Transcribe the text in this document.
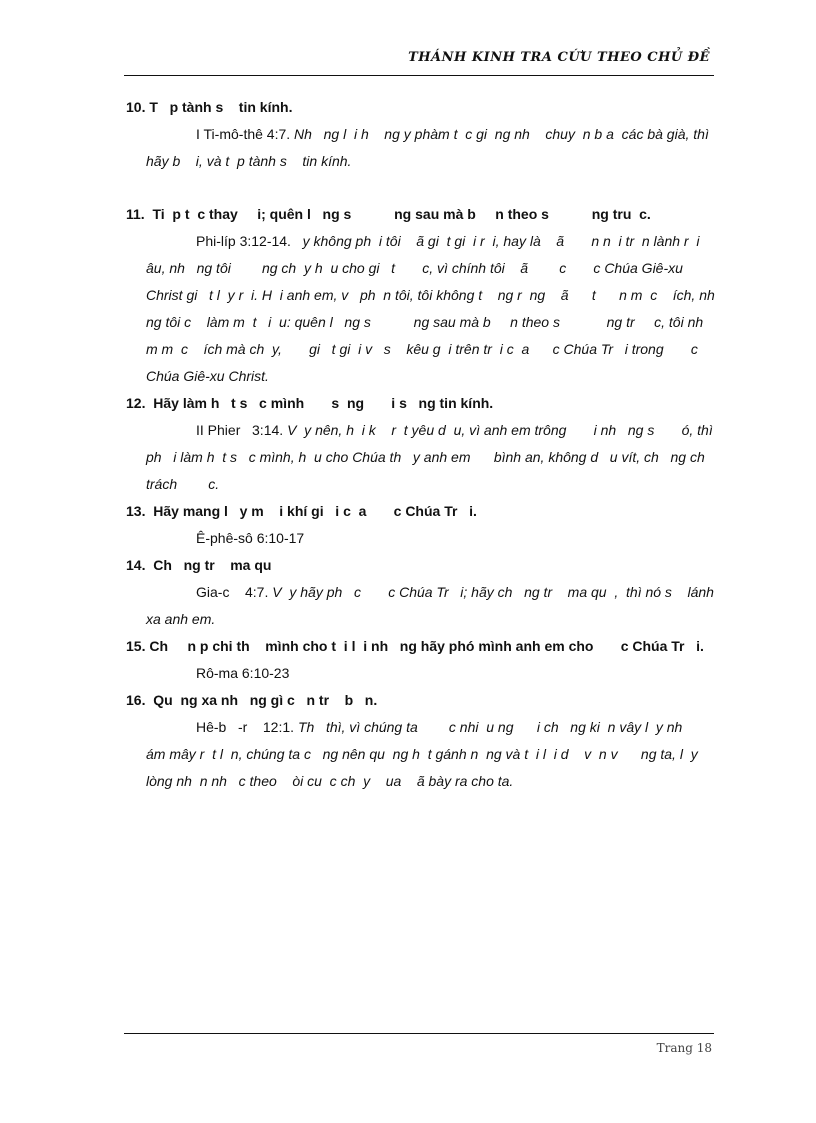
THÁNH KINH TRA CỨU THEO CHỦ ĐỀ
10. T   p tành s    tin kính.
I Ti-mô-thê 4:7. Nh   ng l  i h    ng y phàm t  c gi  ng nh    chuy  n b a  các bà già, thì hãy b    i, và t  p tành s    tin kính.
11.  Ti  p t  c thay     i; quên l   ng s           ng sau mà b     n theo s           ng tru  c.
Phi-líp 3:12-14.   y không ph  i tôi    ã gi  t gi  i r  i, hay là    ã       n n  i tr  n lành r  i    âu, nh   ng tôi        ng ch  y h  u cho gi   t       c, vì chính tôi    ã        c       c Chúa Giê-xu Christ gi   t l  y r  i. H  i anh em, v   ph  n tôi, tôi không t    ng r  ng    ã      t      n m  c    ích, nh   ng tôi c    làm m  t   i  u: quên l   ng s           ng sau mà b     n theo s            ng tr     c, tôi nh   m m  c    ích mà ch  y,       gi   t gi  i v   s    kêu g  i trên tr  i c  a      c Chúa Tr   i trong       c Chúa Giê-xu Christ.
12.  Hãy làm h   t s   c mình       s  ng       i s   ng tin kính.
II Phier   3:14. V  y nên, h  i k    r  t yêu d  u, vì anh em trông       i nh   ng s       ó, thì ph   i làm h  t s   c mình, h  u cho Chúa th   y anh em      bình an, không d   u vít, ch   ng ch   trách        c.
13.  Hãy mang l   y m    i khí gi   i c  a       c Chúa Tr   i.
Ê-phê-sô 6:10-17
14.  Ch   ng tr    ma qu
Gia-c    4:7. V  y hãy ph   c       c Chúa Tr   i; hãy ch   ng tr    ma qu  ,  thì nó s    lánh xa anh em.
15. Ch     n p chi th    mình cho t  i l  i nh   ng hãy phó mình anh em cho       c Chúa Tr   i.
Rô-ma 6:10-23
16.  Qu  ng xa nh   ng gì c   n tr    b   n.
Hê-b   -r    12:1. Th   thì, vì chúng ta        c nhi  u ng      i ch   ng ki  n vây l  y nh     ám mây r  t l  n, chúng ta c   ng nên qu  ng h  t gánh n  ng và t  i l  i d    v  n v      ng ta, l  y lòng nh  n nh   c theo    òi cu  c ch  y    ua    ã bày ra cho ta.
Trang 18
